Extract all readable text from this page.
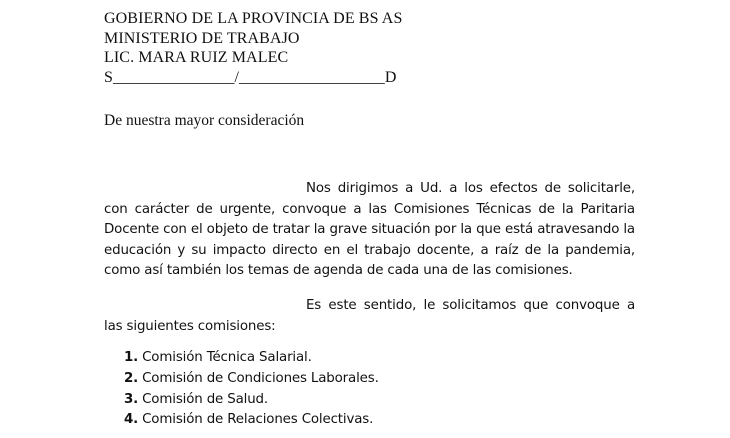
GOBIERNO DE LA PROVINCIA DE BS AS
MINISTERIO DE TRABAJO
LIC. MARA RUIZ MALEC
S_______________/__________________D
De nuestra mayor consideración
Nos dirigimos a Ud. a los efectos de solicitarle, con carácter de urgente, convoque a las Comisiones Técnicas de la Paritaria Docente con el objeto de tratar la grave situación por la que está atravesando la educación y su impacto directo en el trabajo docente, a raíz de la pandemia, como así también los temas de agenda de cada una de las comisiones.
Es este sentido, le solicitamos que convoque a las siguientes comisiones:
1. Comisión Técnica Salarial.
2. Comisión de Condiciones Laborales.
3. Comisión de Salud.
4. Comisión de Relaciones Colectivas.
